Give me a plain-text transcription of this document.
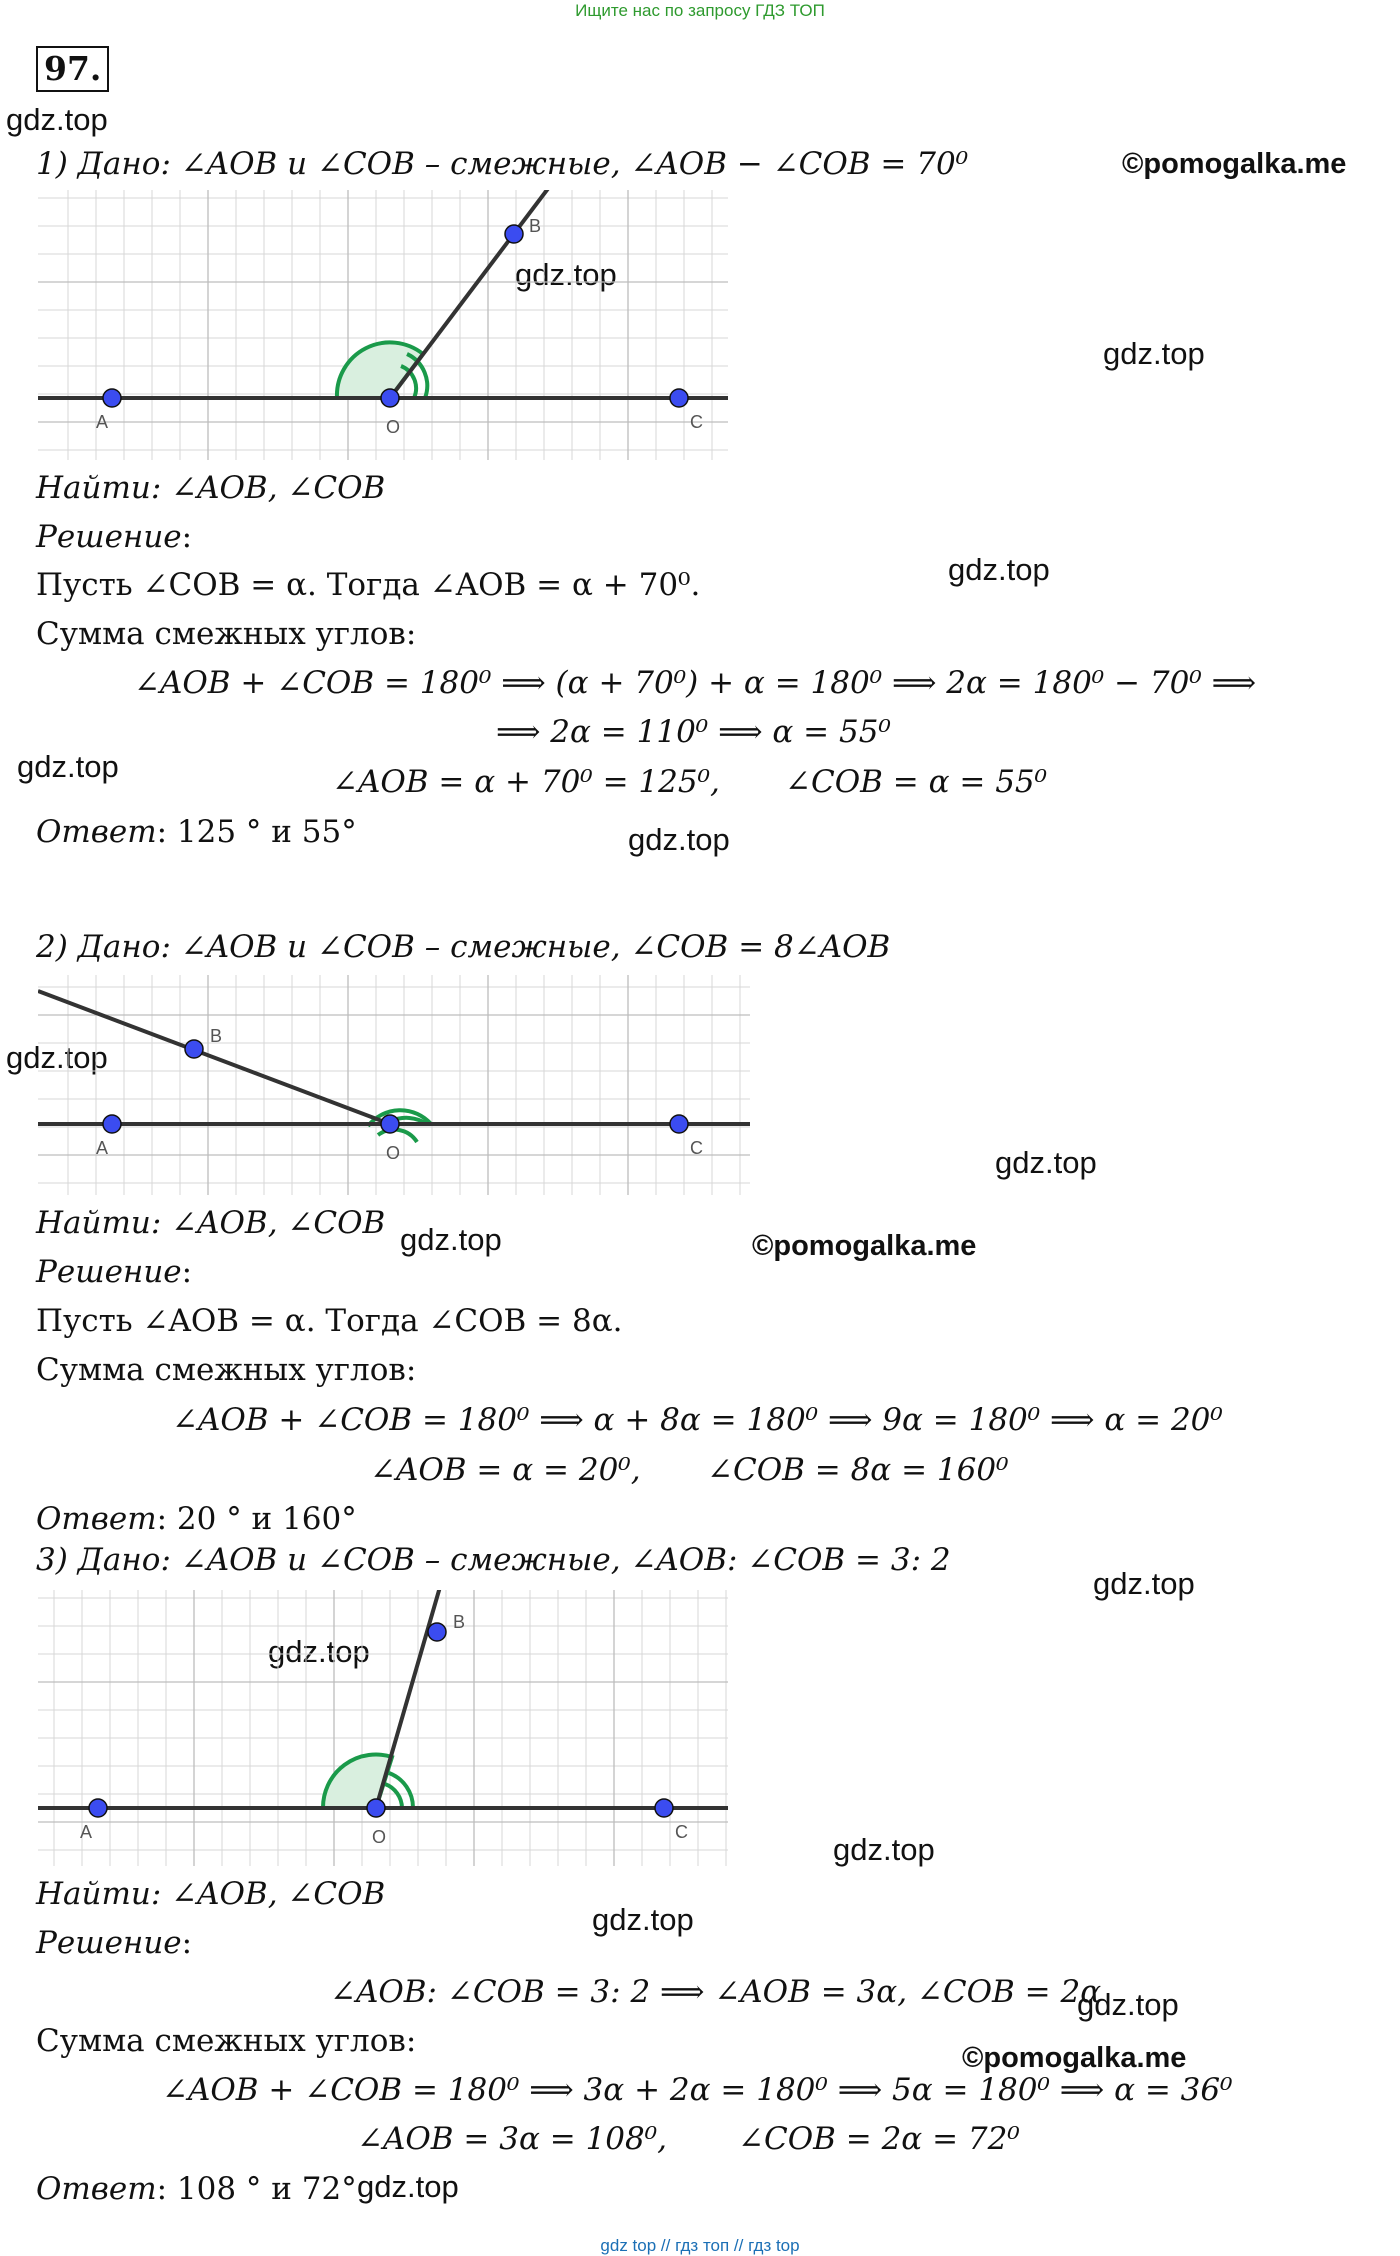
Ищите нас по запросу ГДЗ ТОП
97.
gdz.top
©pomogalka.me
gdz.top
gdz.top
gdz.top
gdz.top
gdz.top
gdz.top
gdz.top
gdz.top	©pomogalka.me
gdz.top
gdz.top
gdz.top
gdz.top
gdz.top
©pomogalka.me
gdz.top
1) Дано: ∠AOB и ∠COB – смежные, ∠AOB − ∠COB = 70⁰
A	O	C
B
Найти: ∠AOB, ∠COB
Решение:
Пусть ∠COB = α. Тогда ∠AOB = α + 70⁰.
Сумма смежных углов:
∠AOB + ∠COB = 180⁰ ⟹ (α + 70⁰) + α = 180⁰ ⟹ 2α = 180⁰ − 70⁰ ⟹
⟹ 2α = 110⁰ ⟹ α = 55⁰
∠AOB = α + 70⁰ = 125⁰, ∠COB = α = 55⁰
Ответ: 125 ° и 55°
2) Дано: ∠AOB и ∠COB – смежные, ∠COB = 8∠AOB
A	O	C
B
Найти: ∠AOB, ∠COB
Решение:
Пусть ∠AOB = α. Тогда ∠COB = 8α.
Сумма смежных углов:
∠AOB + ∠COB = 180⁰ ⟹ α + 8α = 180⁰ ⟹ 9α = 180⁰ ⟹ α = 20⁰
∠AOB = α = 20⁰, ∠COB = 8α = 160⁰
Ответ: 20 ° и 160°
3) Дано: ∠AOB и ∠COB – смежные, ∠AOB: ∠COB = 3: 2
A	O	C
B
Найти: ∠AOB, ∠COB
Решение:
∠AOB: ∠COB = 3: 2 ⟹ ∠AOB = 3α, ∠COB = 2α
Сумма смежных углов:
∠AOB + ∠COB = 180⁰ ⟹ 3α + 2α = 180⁰ ⟹ 5α = 180⁰ ⟹ α = 36⁰
∠AOB = 3α = 108⁰, ∠COB = 2α = 72⁰
Ответ: 108 ° и 72°
gdz top // гдз топ // гдз top
